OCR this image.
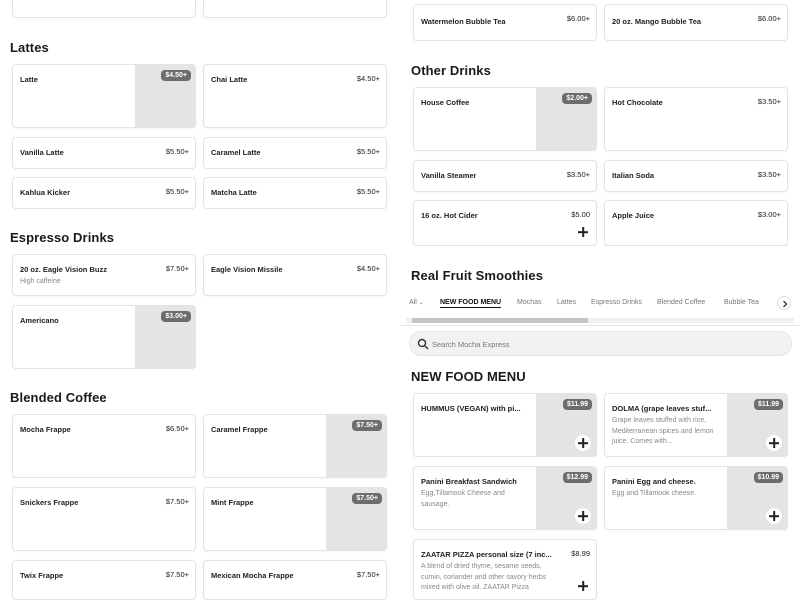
Lattes
Latte	$4.50+	Chai Latte	$4.50+
Vanilla Latte	$5.50+	Caramel Latte	$5.50+
Kahlua Kicker	$5.50+	Matcha Latte	$5.50+
Espresso Drinks
20 oz. Eagle Vision Buzz	$7.50+
High caffeine
Eagle Vision Missile	$4.50+
Americano	$3.00+
Blended Coffee
Mocha Frappe	$6.50+	Caramel Frappe	$7.50+
Snickers Frappe	$7.50+	Mint Frappe	$7.50+
Twix Frappe	$7.50+	Mexican Mocha Frappe	$7.50+
Watermelon Bubble Tea	$6.00+	20 oz. Mango Bubble Tea	$6.00+
Other Drinks
House Coffee	$2.00+	Hot Chocolate	$3.50+
Vanilla Steamer	$3.50+	Italian Soda	$3.50+
16 oz. Hot Cider	$5.00	Apple Juice	$3.00+
Real Fruit Smoothies
All ⌄ NEW FOOD MENU Mochas Lattes Espresso Drinks Blended Coffee	Bubble Tea
Search Mocha Express
NEW FOOD MENU
HUMMUS (VEGAN) with pi...	$11.99	DOLMA (grape leaves stuf...
Grape leaves stuffed with rice, Mediterranean spices and lemon juice. Comes with...
$11.99
Panini Breakfast Sandwich
Egg,Tillamook Cheese and sausage.
$12.99	Panini Egg and cheese.
Egg and Tillamook cheese.
$10.99
ZAATAR PIZZA personal size (7 inc...	$8.99
A blend of dried thyme, sesame seeds, cumin, coriander and other savory herbs mixed with olive oil. ZAATAR Pizza
